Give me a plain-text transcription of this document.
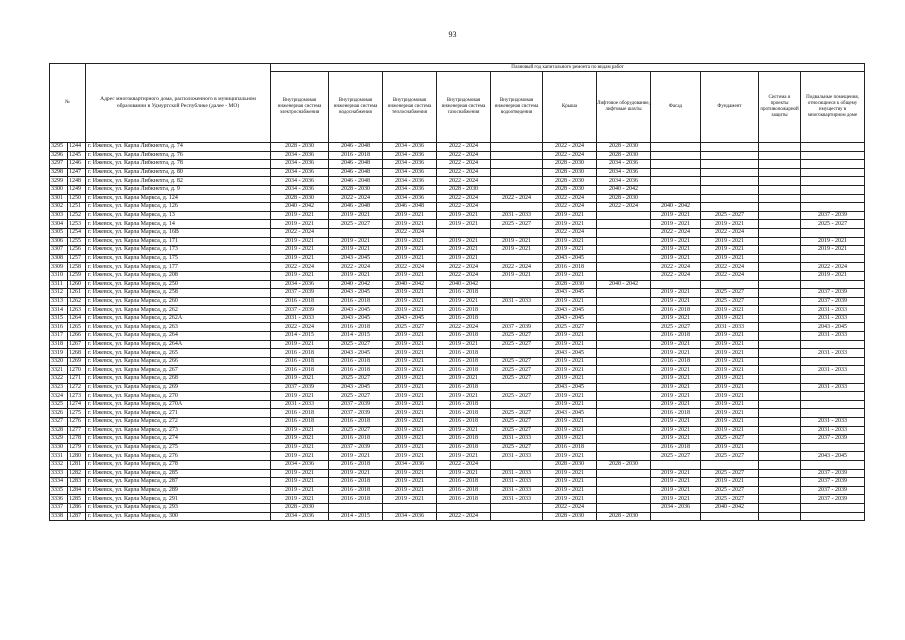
93
№		Адрес многоквартирного дома, расположенного в муниципальном образовании в Удмуртской Республике (далее - МО)	Плановый год капитального ремонта по видам работ										
			Внутридомовая инженерная система электроснабжения	Внутридомовая инженерная система водоснабжения	Внутридомовая инженерная система теплоснабжения	Внутридомовая инженерная система газоснабжения	Внутридомовая инженерная система водоотведения	Крыша	Лифтовое оборудование, лифтовые шахты	Фасад	Фундамент	Система и проекты противопожарной защиты	Подвальные помещения, относящиеся к общему имуществу в многоквартирном доме
3295	1244	г. Ижевск, ул. Карла Либкнехта, д. 74	2028 - 2030	2046 - 2048	2034 - 2036	2022 - 2024		2022 - 2024	2028 - 2030				
3296	1245	г. Ижевск, ул. Карла Либкнехта, д. 76	2034 - 2036	2016 - 2018	2034 - 2036	2022 - 2024		2022 - 2024	2028 - 2030				
3297	1246	г. Ижевск, ул. Карла Либкнехта, д. 78	2034 - 2036	2046 - 2048	2034 - 2036	2022 - 2024		2028 - 2030	2034 - 2036				
3298	1247	г. Ижевск, ул. Карла Либкнехта, д. 80	2034 - 2036	2046 - 2048	2034 - 2036	2022 - 2024		2028 - 2030	2034 - 2036				
3299	1248	г. Ижевск, ул. Карла Либкнехта, д. 82	2034 - 2036	2046 - 2048	2034 - 2036	2022 - 2024		2028 - 2030	2034 - 2036				
3300	1249	г. Ижевск, ул. Карла Либкнехта, д. 9	2034 - 2036	2028 - 2030	2034 - 2036	2028 - 2030		2028 - 2030	2040 - 2042				
3301	1250	г. Ижевск, ул. Карла Маркса, д. 124	2028 - 2030	2022 - 2024	2034 - 2036	2022 - 2024	2022 - 2024	2022 - 2024	2028 - 2030				
3302	1251	г. Ижевск, ул. Карла Маркса, д. 126	2040 - 2042	2046 - 2048	2046 - 2048	2022 - 2024		2022 - 2024	2022 - 2024	2040 - 2042			
3303	1252	г. Ижевск, ул. Карла Маркса, д. 13	2019 - 2021	2019 - 2021	2019 - 2021	2019 - 2021	2031 - 2033	2019 - 2021		2019 - 2021	2025 - 2027		2037 - 2039
3304	1253	г. Ижевск, ул. Карла Маркса, д. 14	2019 - 2021	2025 - 2027	2019 - 2021	2019 - 2021	2025 - 2027	2019 - 2021		2019 - 2021	2019 - 2021		2025 - 2027
3305	1254	г. Ижевск, ул. Карла Маркса, д. 16В	2022 - 2024		2022 - 2024			2022 - 2024		2022 - 2024	2022 - 2024		
3306	1255	г. Ижевск, ул. Карла Маркса, д. 171	2019 - 2021	2019 - 2021	2019 - 2021	2019 - 2021	2019 - 2021	2019 - 2021		2019 - 2021	2019 - 2021		2019 - 2021
3307	1256	г. Ижевск, ул. Карла Маркса, д. 173	2019 - 2021	2019 - 2021	2019 - 2021	2019 - 2021	2019 - 2021	2019 - 2021		2019 - 2021	2019 - 2021		2019 - 2021
3308	1257	г. Ижевск, ул. Карла Маркса, д. 175	2019 - 2021	2043 - 2045	2019 - 2021	2019 - 2021		2043 - 2045		2019 - 2021	2019 - 2021		
3309	1258	г. Ижевск, ул. Карла Маркса, д. 177	2022 - 2024	2022 - 2024	2022 - 2024	2022 - 2024	2022 - 2024	2016 - 2018		2022 - 2024	2022 - 2024		2022 - 2024
3310	1259	г. Ижевск, ул. Карла Маркса, д. 208	2019 - 2021	2019 - 2021	2019 - 2021	2022 - 2024	2019 - 2021	2019 - 2021		2022 - 2024	2022 - 2024		2019 - 2021
3311	1260	г. Ижевск, ул. Карла Маркса, д. 250	2034 - 2036	2040 - 2042	2040 - 2042	2040 - 2042		2028 - 2030	2040 - 2042				
3312	1261	г. Ижевск, ул. Карла Маркса, д. 258	2037 - 2039	2043 - 2045	2019 - 2021	2016 - 2018		2043 - 2045		2019 - 2021	2025 - 2027		2037 - 2039
3313	1262	г. Ижевск, ул. Карла Маркса, д. 260	2016 - 2018	2016 - 2018	2019 - 2021	2019 - 2021	2031 - 2033	2019 - 2021		2019 - 2021	2025 - 2027		2037 - 2039
3314	1263	г. Ижевск, ул. Карла Маркса, д. 262	2037 - 2039	2043 - 2045	2019 - 2021	2016 - 2018		2043 - 2045		2016 - 2018	2019 - 2021		2031 - 2033
3315	1264	г. Ижевск, ул. Карла Маркса, д. 262А	2031 - 2033	2043 - 2045	2043 - 2045	2016 - 2018		2043 - 2045		2019 - 2021	2019 - 2021		2031 - 2033
3316	1265	г. Ижевск, ул. Карла Маркса, д. 263	2022 - 2024	2016 - 2018	2025 - 2027	2022 - 2024	2037 - 2039	2025 - 2027		2025 - 2027	2031 - 2033		2043 - 2045
3317	1266	г. Ижевск, ул. Карла Маркса, д. 264	2014 - 2015	2014 - 2015	2019 - 2021	2016 - 2018	2025 - 2027	2019 - 2021		2016 - 2018	2019 - 2021		2031 - 2033
3318	1267	г. Ижевск, ул. Карла Маркса, д. 264А	2019 - 2021	2025 - 2027	2019 - 2021	2019 - 2021	2025 - 2027	2019 - 2021		2019 - 2021	2019 - 2021		
3319	1268	г. Ижевск, ул. Карла Маркса, д. 265	2016 - 2018	2043 - 2045	2019 - 2021	2016 - 2018		2043 - 2045		2019 - 2021	2019 - 2021		2031 - 2033
3320	1269	г. Ижевск, ул. Карла Маркса, д. 266	2016 - 2018	2016 - 2018	2019 - 2021	2016 - 2018	2025 - 2027	2019 - 2021		2016 - 2018	2019 - 2021		
3321	1270	г. Ижевск, ул. Карла Маркса, д. 267	2016 - 2018	2016 - 2018	2019 - 2021	2016 - 2018	2025 - 2027	2019 - 2021		2019 - 2021	2019 - 2021		2031 - 2033
3322	1271	г. Ижевск, ул. Карла Маркса, д. 268	2019 - 2021	2025 - 2027	2019 - 2021	2019 - 2021	2025 - 2027	2019 - 2021		2019 - 2021	2019 - 2021		
3323	1272	г. Ижевск, ул. Карла Маркса, д. 269	2037 - 2039	2043 - 2045	2019 - 2021	2016 - 2018		2043 - 2045		2019 - 2021	2019 - 2021		2031 - 2033
3324	1273	г. Ижевск, ул. Карла Маркса, д. 270	2019 - 2021	2025 - 2027	2019 - 2021	2019 - 2021	2025 - 2027	2019 - 2021		2019 - 2021	2019 - 2021		
3325	1274	г. Ижевск, ул. Карла Маркса, д. 270А	2031 - 2033	2037 - 2039	2019 - 2021	2016 - 2018		2019 - 2021		2019 - 2021	2019 - 2021		
3326	1275	г. Ижевск, ул. Карла Маркса, д. 271	2016 - 2018	2037 - 2039	2019 - 2021	2016 - 2018	2025 - 2027	2043 - 2045		2016 - 2018	2019 - 2021		
3327	1276	г. Ижевск, ул. Карла Маркса, д. 272	2016 - 2018	2016 - 2018	2019 - 2021	2016 - 2018	2025 - 2027	2019 - 2021		2019 - 2021	2019 - 2021		2031 - 2033
3328	1277	г. Ижевск, ул. Карла Маркса, д. 273	2019 - 2021	2025 - 2027	2019 - 2021	2019 - 2021	2025 - 2027	2019 - 2021		2019 - 2021	2019 - 2021		2031 - 2033
3329	1278	г. Ижевск, ул. Карла Маркса, д. 274	2019 - 2021	2016 - 2018	2019 - 2021	2016 - 2018	2031 - 2033	2019 - 2021		2019 - 2021	2025 - 2027		2037 - 2039
3330	1279	г. Ижевск, ул. Карла Маркса, д. 275	2019 - 2021	2037 - 2039	2019 - 2021	2016 - 2018	2025 - 2027	2016 - 2018		2016 - 2018	2019 - 2021		
3331	1280	г. Ижевск, ул. Карла Маркса, д. 276	2019 - 2021	2019 - 2021	2019 - 2021	2019 - 2021	2031 - 2033	2019 - 2021		2025 - 2027	2025 - 2027		2043 - 2045
3332	1281	г. Ижевск, ул. Карла Маркса, д. 278	2034 - 2036	2016 - 2018	2034 - 2036	2022 - 2024		2028 - 2030	2028 - 2030				
3333	1282	г. Ижевск, ул. Карла Маркса, д. 285	2019 - 2021	2019 - 2021	2019 - 2021	2019 - 2021	2031 - 2033	2019 - 2021		2019 - 2021	2025 - 2027		2037 - 2039
3334	1283	г. Ижевск, ул. Карла Маркса, д. 287	2019 - 2021	2016 - 2018	2019 - 2021	2016 - 2018	2031 - 2033	2019 - 2021		2019 - 2021	2019 - 2021		2037 - 2039
3335	1284	г. Ижевск, ул. Карла Маркса, д. 289	2019 - 2021	2016 - 2018	2019 - 2021	2016 - 2018	2031 - 2033	2019 - 2021		2019 - 2021	2025 - 2027		2037 - 2039
3336	1285	г. Ижевск, ул. Карла Маркса, д. 291	2019 - 2021	2016 - 2018	2019 - 2021	2016 - 2018	2031 - 2033	2019 - 2021		2019 - 2021	2025 - 2027		2037 - 2039
3337	1286	г. Ижевск, ул. Карла Маркса, д. 293	2028 - 2030					2022 - 2024		2034 - 2036	2040 - 2042		
3338	1287	г. Ижевск, ул. Карла Маркса, д. 300	2034 - 2036	2014 - 2015	2034 - 2036	2022 - 2024		2028 - 2030	2028 - 2030				
